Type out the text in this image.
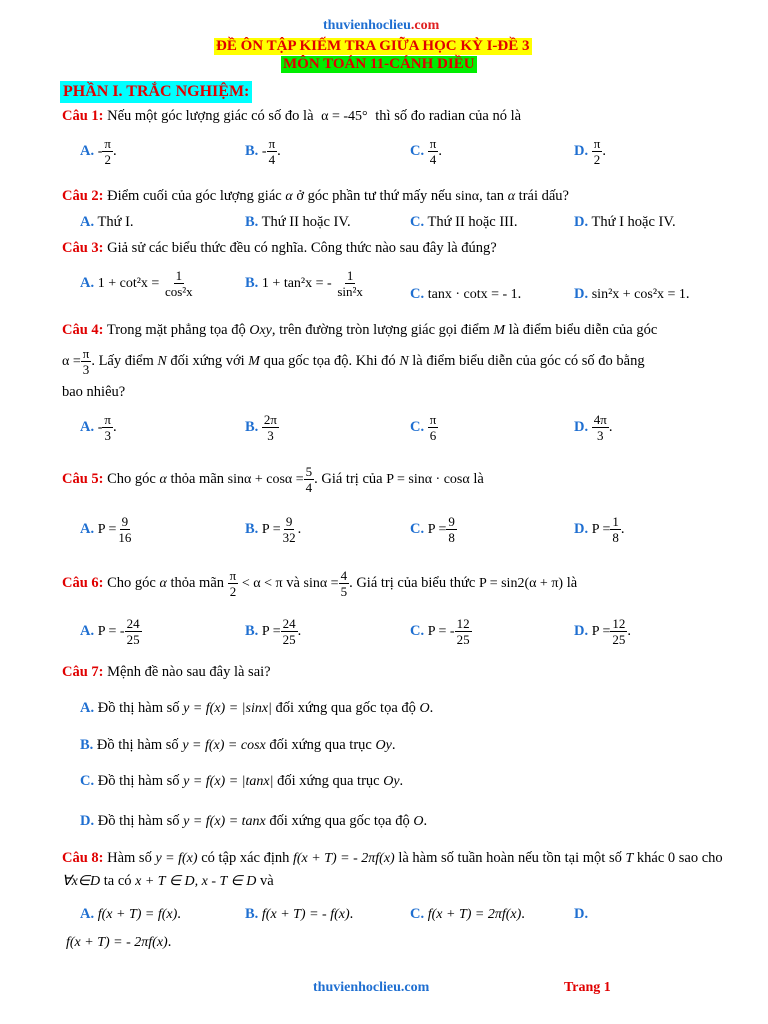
thuvienhoclieu.com
ĐỀ ÔN TẬP KIẾM TRA GIỮA HỌC KỲ I-ĐỀ 3
MÔN TOÁN 11-CÁNH DIỀU
PHẦN I. TRẮC NGHIỆM:
Câu 1: Nếu một góc lượng giác có số đo là α = -45° thì số đo radian của nó là
A. - $\frac{\pi}{2}$ .	B. - $\frac{\pi}{4}$ .	C. $\frac{\pi}{4}$ .	D. $\frac{\pi}{2}$ .
Câu 2: Điểm cuối của góc lượng giác α ở góc phần tư thứ mấy nếu sinα, tan α trái dấu?
A. Thứ I.	B. Thứ II hoặc IV.	C. Thứ II hoặc III.	D. Thứ I hoặc IV.
Câu 3: Giả sử các biểu thức đều có nghĩa. Công thức nào sau đây là đúng?
A. $1 + \cot^2x = \frac{1}{\text{cos²x}}$	B. 1 + tan²x = - $\frac{1}{\text{sin²x}}$	C. tanx · cotx = - 1.	D. sin²x + cos²x = 1.
Câu 4: Trong mặt phẳng tọa độ Oxy, trên đường tròn lượng giác gọi điểm M là điểm biểu diễn của góc
$\alpha = \frac{\pi}{3}$ . Lấy điểm N đối xứng với M qua gốc tọa độ. Khi đó N là điểm biểu diễn của góc có số đo bằng
bao nhiêu?
A. - $\frac{\pi}{3}$ .	B. $\frac{2\pi}{3}$	C. $\frac{\pi}{6}$	D. $\frac{4\pi}{3}$ .
Câu 5: Cho góc α thỏa mãn $\sin\alpha + \cos\alpha = \frac{5}{4}$ . Giá trị của P = sinα · cosα là
A. $P = \frac{9}{16}$	B. $P = \frac{9}{32}$ .	C. $P = \frac{9}{8}$	D. $P = \frac{1}{8}$ .
Câu 6: Cho góc α thỏa mãn $\frac{\pi}{2} < \alpha < \pi$ và $\sin\alpha = \frac{4}{5}$ . Giá trị của biểu thức P = sin2(α + π) là
A. P = - $\frac{24}{25}$	B. $P = \frac{24}{25}$ .	C. P = - $\frac{12}{25}$	D. $P = \frac{12}{25}$ .
Câu 7: Mệnh đề nào sau đây là sai?
A. Đồ thị hàm số y = f(x) = |sinx| đối xứng qua gốc tọa độ O.
B. Đồ thị hàm số y = f(x) = cosx đối xứng qua trục Oy.
C. Đồ thị hàm số y = f(x) = |tanx| đối xứng qua trục Oy.
D. Đồ thị hàm số y = f(x) = tanx đối xứng qua gốc tọa độ O.
Câu 8: Hàm số y = f(x) có tập xác định f(x + T) = - 2πf(x) là hàm số tuần hoàn nếu tồn tại một số T khác 0 sao cho
∀x∈D ta có x + T ∈ D, x - T ∈ D và
A. f(x + T) = f(x).	B. f(x + T) = - f(x).	C. f(x + T) = 2πf(x).	D.
f(x + T) = - 2πf(x).
thuvienhoclieu.com	Trang 1
